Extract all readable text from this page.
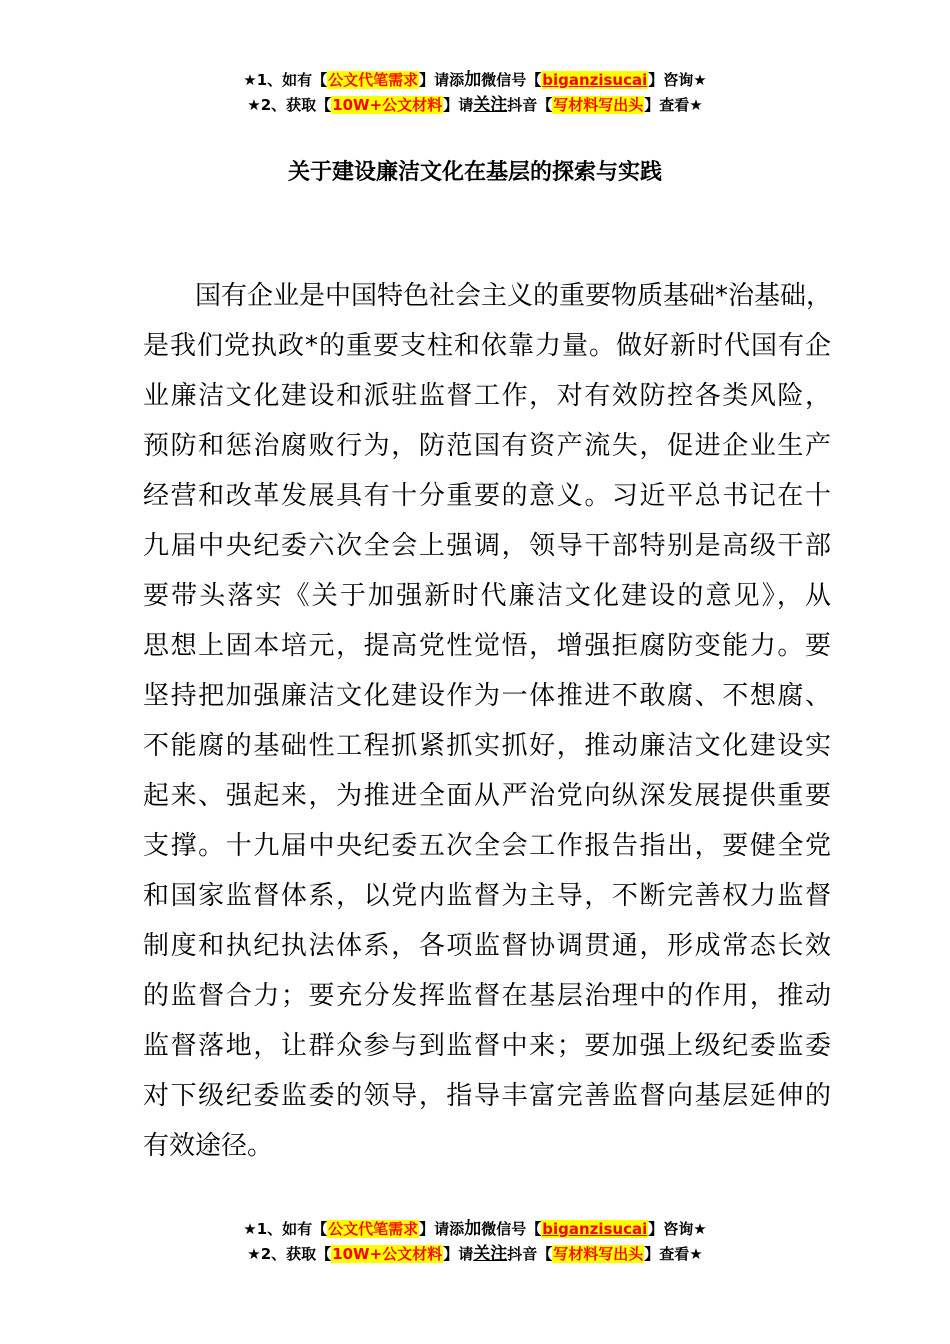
★1、如有【公文代笔需求】请添加微信号【biganzisucai】咨询★
★2、获取【10W+公文材料】请关注抖音【写材料写出头】查看★
关于建设廉洁文化在基层的探索与实践
国有企业是中国特色社会主义的重要物质基础*治基础，
是我们党执政*的重要支柱和依靠力量。做好新时代国有企
业廉洁文化建设和派驻监督工作，对有效防控各类风险，
预防和惩治腐败行为，防范国有资产流失，促进企业生产
经营和改革发展具有十分重要的意义。习近平总书记在十
九届中央纪委六次全会上强调，领导干部特别是高级干部
要带头落实《关于加强新时代廉洁文化建设的意见》，从
思想上固本培元，提高党性觉悟，增强拒腐防变能力。要
坚持把加强廉洁文化建设作为一体推进不敢腐、不想腐、
不能腐的基础性工程抓紧抓实抓好，推动廉洁文化建设实
起来、强起来，为推进全面从严治党向纵深发展提供重要
支撑。十九届中央纪委五次全会工作报告指出，要健全党
和国家监督体系，以党内监督为主导，不断完善权力监督
制度和执纪执法体系，各项监督协调贯通，形成常态长效
的监督合力；要充分发挥监督在基层治理中的作用，推动
监督落地，让群众参与到监督中来；要加强上级纪委监委
对下级纪委监委的领导，指导丰富完善监督向基层延伸的
有效途径。
★1、如有【公文代笔需求】请添加微信号【biganzisucai】咨询★
★2、获取【10W+公文材料】请关注抖音【写材料写出头】查看★
